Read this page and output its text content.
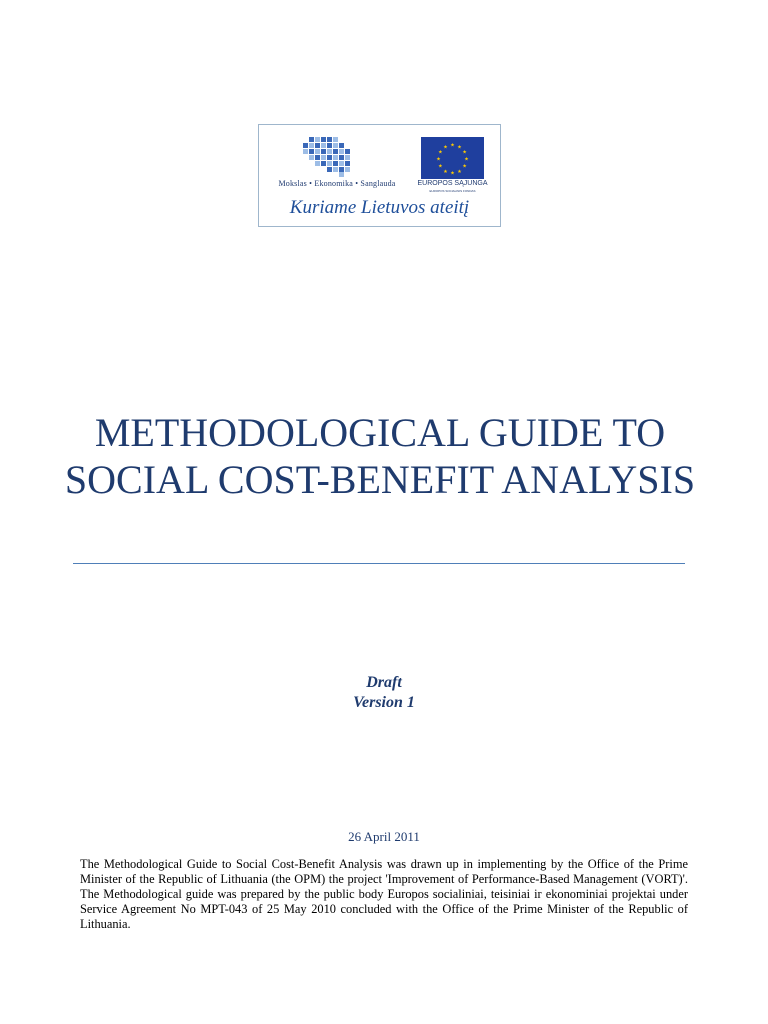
Mokslas • Ekonomika • Sanglauda
★ ★
★
★
★
★
★
★
★
★
★
★
EUROPOS SĄJUNGA
EUROPOS SOCIALINIS FONDAS
Kuriame Lietuvos ateitį
METHODOLOGICAL GUIDE TO SOCIAL COST-BENEFIT ANALYSIS
Draft
Version 1
26 April 2011

The Methodological Guide to Social Cost-Benefit Analysis was drawn up in implementing by the Office of the Prime Minister of the Republic of Lithuania (the OPM) the project 'Improvement of Performance-Based Management (VORT)'. The Methodological guide was prepared by the public body Europos socialiniai, teisiniai ir ekonominiai projektai under Service Agreement No MPT-043 of 25 May 2010 concluded with the Office of the Prime Minister of the Republic of Lithuania.
